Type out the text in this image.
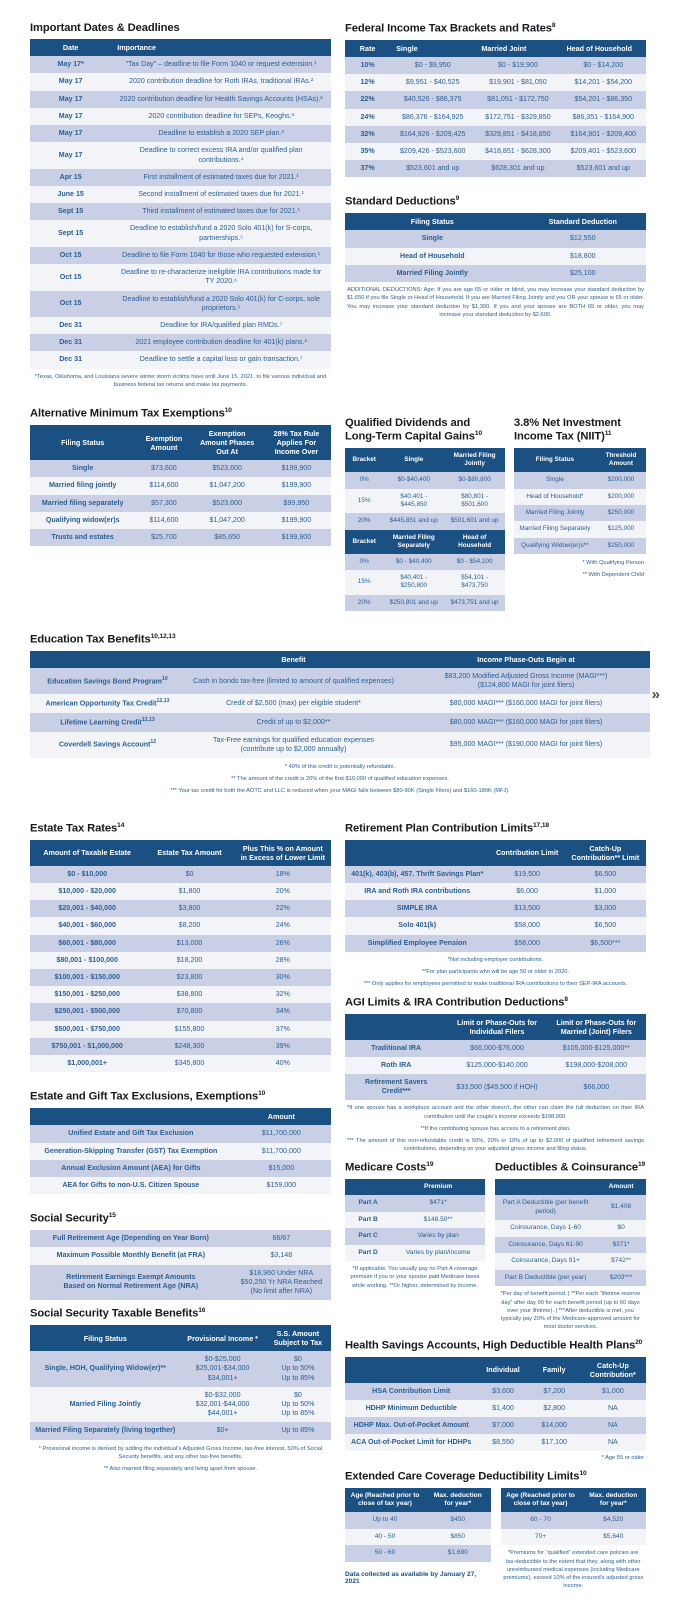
Important Dates & Deadlines
Date	Importance
May 17*	“Tax Day” – deadline to file Form 1040 or request extension.¹
May 17	2020 contribution deadline for Roth IRAs, traditional IRAs.²
May 17	2020 contribution deadline for Health Savings Accounts (HSAs).²
May 17	2020 contribution deadline for SEPs, Keoghs.³
May 17	Deadline to establish a 2020 SEP plan.³
May 17	Deadline to correct excess IRA and/or qualified plan contributions.⁴
Apr 15	First installment of estimated taxes due for 2021.¹
June 15	Second installment of estimated taxes due for 2021.¹
Sept 15	Third installment of estimated taxes due for 2021.¹
Sept 15	Deadline to establish/fund a 2020 Solo 401(k) for S-corps, partnerships.⁵
Oct 15	Deadline to file Form 1040 for those who requested extension.¹
Oct 15	Deadline to re-characterize ineligible IRA contributions made for TY 2020.⁶
Oct 15	Deadline to establish/fund a 2020 Solo 401(k) for C-corps, sole proprietors.⁵
Dec 31	Deadline for IRA/qualified plan RMDs.⁷
Dec 31	2021 employee contribution deadline for 401(k) plans.²
Dec 31	Deadline to settle a capital loss or gain transaction.⁷
*Texas, Oklahoma, and Louisiana severe winter storm victims have until June 15, 2021, to file various individual and business federal tax returns and make tax payments.
Alternative Minimum Tax Exemptions$^{10}$
Filing Status	Exemption Amount	Exemption Amount Phases Out At	28% Tax Rule Applies For Income Over
Single	$73,600	$523,600	$199,900
Married filing jointly	$114,600	$1,047,200	$199,900
Married filing separately	$57,300	$523,600	$99,950
Qualifying widow(er)s	$114,600	$1,047,200	$199,900
Trusts and estates	$25,700	$85,650	$199,900
Federal Income Tax Brackets and Rates$^8$
Rate	Single	Married Joint	Head of Household
10%	$0 - $9,950	$0 - $19,900	$0 - $14,200
12%	$9,951 - $40,525	$19,901 - $81,050	$14,201 - $54,200
22%	$40,526 - $86,375	$81,051 - $172,750	$54,201 - $86,350
24%	$86,376 - $164,925	$172,751 - $329,850	$86,351 - $164,900
32%	$164,926 - $209,425	$329,851 - $418,850	$164,901 - $209,400
35%	$209,426 - $523,600	$418,851 - $628,300	$209,401 - $523,600
37%	$523,601 and up	$628,301 and up	$523,601 and up
Standard Deductions$^9$
Filing Status	Standard Deduction
Single	$12,550
Head of Household	$18,800
Married Filing Jointly	$25,100
ADDITIONAL DEDUCTIONS: Age: If you are age 65 or older or blind, you may increase your standard deduction by $1,650 if you file Single or Head of Household. If you are Married Filing Jointly and you OR your spouse is 65 or older. You may increase your standard deduction by $1,300. If you and your spouse are BOTH 65 or older, you may increase your standard deduction by $2,600.
Qualified Dividends and
Long-Term Capital Gains$^{10}$
Bracket	Single	Married Filing Jointly
0%	$0-$40,400	$0-$80,800
15%	$40,401 - $445,850	$80,801 - $501,600
20%	$445,851 and up	$501,601 and up
Bracket	Married Filing Separately	Head of Household
0%	$0 - $40,400	$0 - $54,100
15%	$40,401 - $250,800	$54,101 - $473,750
20%	$250,801 and up	$473,751 and up
3.8% Net Investment
Income Tax (NIIT)$^{11}$
Filing Status	Threshold Amount
Single	$200,000
Head of Household*	$200,000
Married Filing Jointly	$250,000
Married Filing Separately	$125,000
Qualifying Widow(er)s**	$250,000
* With Qualifying Person
** With Dependent Child
Education Tax Benefits$^{10,12,13}$
	Benefit	Income Phase-Outs Begin at
Education Savings Bond Program$^{10}$	Cash in bonds tax-free (limited to amount of qualified expenses)	$83,200 Modified Adjusted Gross Income (MAGI***)
($124,800 MAGI for joint filers)
American Opportunity Tax Credit$^{12,13}$	Credit of $2,500 (max) per eligible student*	$80,000 MAGI*** ($160,000 MAGI for joint filers)
Lifetime Learning Credit$^{12,13}$	Credit of up to $2,000**	$80,000 MAGI*** ($160,000 MAGI for joint filers)
Coverdell Savings Account$^{12}$	Tax-Free earnings for qualified education expenses
(contribute up to $2,000 annually)	$95,000 MAGI*** ($190,000 MAGI for joint filers)
* 40% of this credit is potentially refundable.
** The amount of the credit is 20% of the first $10,000 of qualified education expenses.
*** Your tax credit for both the AOTC and LLC is reduced when your MAGI falls between $80-90K (Single Filers) and $160-180K (MFJ).
»
Estate Tax Rates$^{14}$
Amount of Taxable Estate	Estate Tax Amount	Plus This % on Amount in Excess of Lower Limit
$0 - $10,000	$0	18%
$10,000 - $20,000	$1,800	20%
$20,001 - $40,000	$3,800	22%
$40,001 - $60,000	$8,200	24%
$60,001 - $80,000	$13,000	26%
$80,001 - $100,000	$18,200	28%
$100,001 - $150,000	$23,800	30%
$150,001 - $250,000	$38,800	32%
$250,001 - $500,000	$70,800	34%
$500,001 - $750,000	$155,800	37%
$750,001 - $1,000,000	$248,300	39%
$1,000,001+	$345,800	40%
Estate and Gift Tax Exclusions, Exemptions$^{10}$
	Amount
Unified Estate and Gift Tax Exclusion	$11,700,000
Generation-Skipping Transfer (GST) Tax Exemption	$11,700,000
Annual Exclusion Amount (AEA) for Gifts	$15,000
AEA for Gifts to non-U.S. Citizen Spouse	$159,000
Social Security$^{15}$
Full Retirement Age (Depending on Year Born)	66/67
Maximum Possible Monthly Benefit (at FRA)	$3,148
Retirement Earnings Exempt Amounts
Based on Normal Retirement Age (NRA)	$18,960 Under NRA
$50,250 Yr NRA Reached
(No limit after NRA)
Social Security Taxable Benefits$^{16}$
Filing Status	Provisional Income *	S.S. Amount Subject to Tax
Single, HOH, Qualifying Widow(er)**	$0-$25,000
$25,001-$34,000
$34,001+	$0
Up to 50%
Up to 85%
Married Filing Jointly	$0-$32,000
$32,001-$44,000
$44,001+	$0
Up to 50%
Up to 85%
Married Filing Separately (living together)	$0+	Up to 85%
* Provisional income is derived by adding the individual's Adjusted Gross Income, tax-free interest, 50% of Social Security benefits, and any other tax-free benefits.
** Also married filing separately and living apart from spouse.
Retirement Plan Contribution Limits$^{17,18}$
	Contribution Limit	Catch-Up Contribution** Limit
401(k), 403(b), 457. Thrift Savings Plan*	$19,500	$6,500
IRA and Roth IRA contributions	$6,000	$1,000
SIMPLE IRA	$13,500	$3,000
Solo 401(k)	$58,000	$6,500
Simplified Employee Pension	$58,000	$6,500***
*Not including employer contributions.
**For plan participants who will be age 50 or older in 2020.
*** Only applies for employees permitted to make traditional IRA contributions to their SEP-IRA accounts.
AGI Limits & IRA Contribution Deductions$^8$
	Limit or Phase-Outs for Individual Filers	Limit or Phase-Outs for Married (Joint) Filers
Traditional IRA	$66,000-$76,000	$105,000-$125,000**
Roth IRA	$125,000-$140,000	$198,000-$208,000
Retirement Savers Credit***	$33,500 ($49,500 if HOH)	$66,000
*If one spouse has a workplace account and the other doesn't, the other can claim the full deduction on their IRA contribution until the couple's income exceeds $198,000.
**If the contributing spouse has access to a retirement plan.
*** The amount of this non-refundable credit is 50%, 20% or 10% of up to $2,000 of qualified retirement savings contributions, depending on your adjusted gross income and filing status.
Medicare Costs$^{19}$
	Premium
Part A	$471*
Part B	$148.50**
Part C	Varies by plan
Part D	Varies by plan/income
*If applicable. You usually pay no Part A coverage premium if you or your spouse paid Medicare taxes while working. **Or higher, determined by income.
Deductibles & Coinsurance$^{19}$
	Amount
Part A Deductible (per benefit period)	$1,408
Coinsurance, Days 1-60	$0
Coinsurance, Days 61-90	$371*
Coinsurance, Days 91+	$742**
Part B Deductible (per year)	$203***
*Per day of benefit period. | **Per each “lifetime reserve day” after day 90 for each benefit period (up to 60 days over your lifetime). | ***After deductible is met, you typically pay 20% of the Medicare-approved amount for most doctor services.
Health Savings Accounts, High Deductible Health Plans$^{20}$
	Individual	Family	Catch-Up Contribution*
HSA Contribution Limit	$3,600	$7,200	$1,000
HDHP Minimum Deductible	$1,400	$2,800	NA
HDHP Max. Out-of-Pocket Amount	$7,000	$14,000	NA
ACA Out-of-Pocket Limit for HDHPs	$8,550	$17,100	NA
* Age 55 or older
Extended Care Coverage Deductibility Limits$^{10}$
Age (Reached prior to close of tax year)	Max. deduction for year*
Up to 40	$450
40 - 50	$850
50 - 60	$1,690
Data collected as available by January 27, 2021
Age (Reached prior to close of tax year)	Max. deduction for year*
60 - 70	$4,520
70+	$5,640
*Premiums for “qualified” extended care policies are tax-deductible to the extent that they, along with other unreimbursed medical expenses (including Medicare premiums), exceed 10% of the insured's adjusted gross income.
